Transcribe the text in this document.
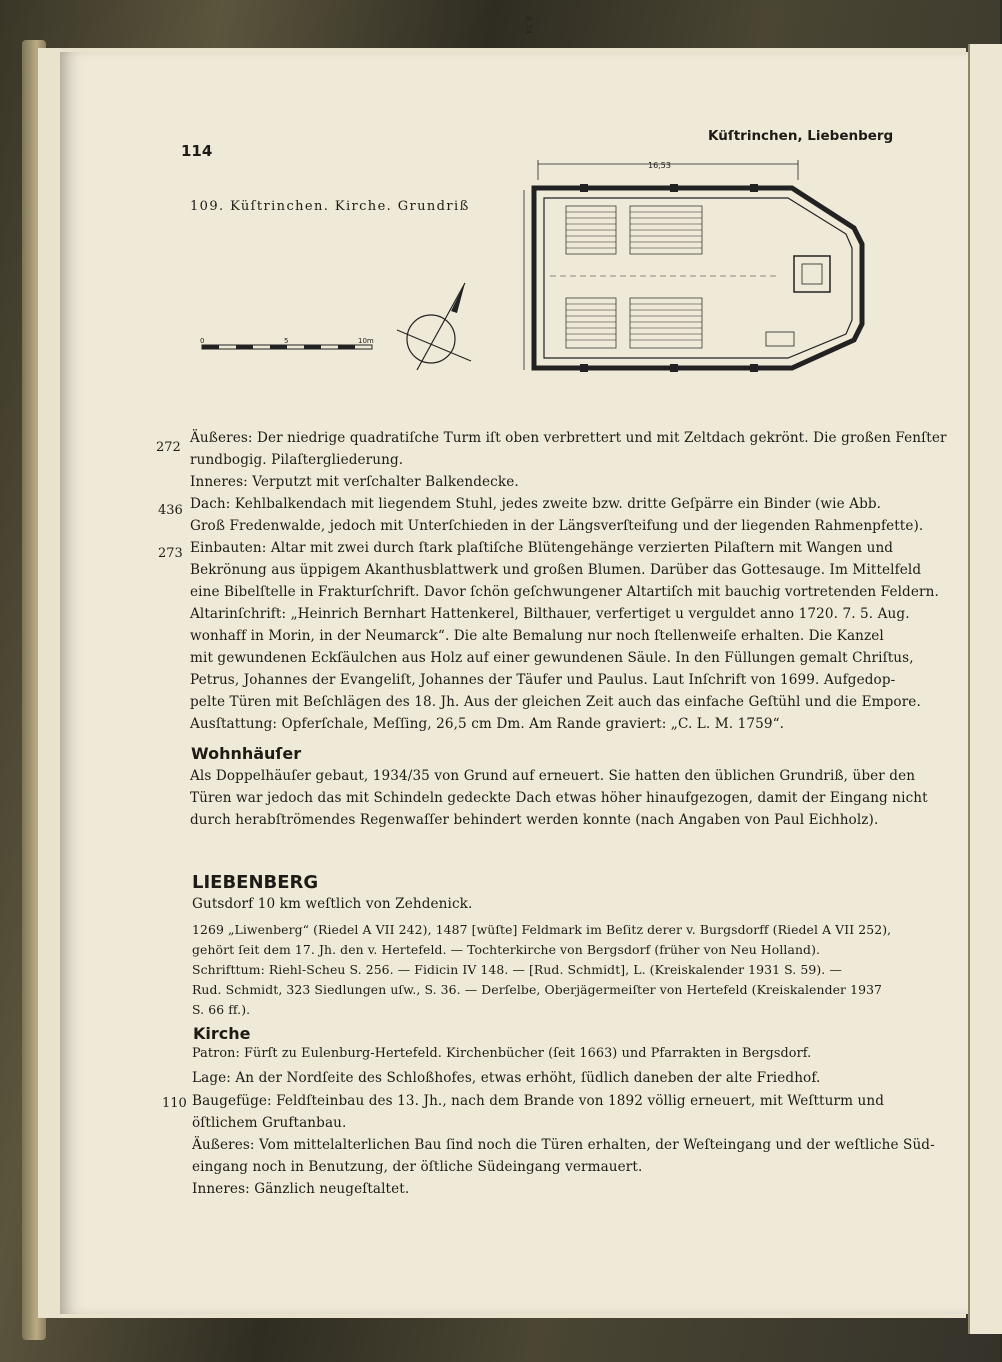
114
Küſtrinchen, Liebenberg
109. Küſtrinchen. Kirche. Grundriß
0	5	10m
16,53
8,74
272
436
273
Äußeres: Der niedrige quadratiſche Turm iſt oben verbrettert und mit Zeltdach gekrönt. Die großen Fenſter
rundbogig. Pilaſtergliederung.
Inneres: Verputzt mit verſchalter Balkendecke.
Dach: Kehlbalkendach mit liegendem Stuhl, jedes zweite bzw. dritte Geſpärre ein Binder (wie Abb.
Groß Fredenwalde, jedoch mit Unterſchieden in der Längsverſteifung und der liegenden Rahmenpfette).
Einbauten: Altar mit zwei durch ſtark plaſtiſche Blütengehänge verzierten Pilaſtern mit Wangen und
Bekrönung aus üppigem Akanthusblattwerk und großen Blumen. Darüber das Gottesauge. Im Mittelfeld
eine Bibelſtelle in Frakturſchrift. Davor ſchön geſchwungener Altartiſch mit bauchig vortretenden Feldern.
Altarinſchrift: „Heinrich Bernhart Hattenkerel, Bilthauer, verfertiget u verguldet anno 1720. 7. 5. Aug.
wonhaff in Morin, in der Neumarck“. Die alte Bemalung nur noch ſtellenweiſe erhalten. Die Kanzel
mit gewundenen Eckſäulchen aus Holz auf einer gewundenen Säule. In den Füllungen gemalt Chriſtus,
Petrus, Johannes der Evangeliſt, Johannes der Täufer und Paulus. Laut Inſchrift von 1699. Aufgedop-
pelte Türen mit Beſchlägen des 18. Jh. Aus der gleichen Zeit auch das einfache Geſtühl und die Empore.
Ausſtattung: Opferſchale, Meſſing, 26,5 cm Dm. Am Rande graviert: „C. L. M. 1759“.
Wohnhäuſer
Als Doppelhäuſer gebaut, 1934/35 von Grund auf erneuert. Sie hatten den üblichen Grundriß, über den
Türen war jedoch das mit Schindeln gedeckte Dach etwas höher hinaufgezogen, damit der Eingang nicht
durch herabſtrömendes Regenwaſſer behindert werden konnte (nach Angaben von Paul Eichholz).
LIEBENBERG
Gutsdorf 10 km weſtlich von Zehdenick.
1269 „Liwenberg“ (Riedel A VII 242), 1487 [wüſte] Feldmark im Beſitz derer v. Burgsdorff (Riedel A VII 252),
gehört ſeit dem 17. Jh. den v. Hertefeld. — Tochterkirche von Bergsdorf (früher von Neu Holland).
Schrifttum: Riehl-Scheu S. 256. — Fidicin IV 148. — [Rud. Schmidt], L. (Kreiskalender 1931 S. 59). —
Rud. Schmidt, 323 Siedlungen uſw., S. 36. — Derſelbe, Oberjägermeiſter von Hertefeld (Kreiskalender 1937
S. 66 ff.).
Kirche
Patron: Fürſt zu Eulenburg-Hertefeld. Kirchenbücher (ſeit 1663) und Pfarrakten in Bergsdorf.
Lage: An der Nordſeite des Schloßhofes, etwas erhöht, ſüdlich daneben der alte Friedhof.
110 Baugefüge: Feldſteinbau des 13. Jh., nach dem Brande von 1892 völlig erneuert, mit Weſtturm und
öſtlichem Gruftanbau.
Äußeres: Vom mittelalterlichen Bau ſind noch die Türen erhalten, der Weſteingang und der weſtliche Süd-
eingang noch in Benutzung, der öſtliche Südeingang vermauert.
Inneres: Gänzlich neugeſtaltet.
